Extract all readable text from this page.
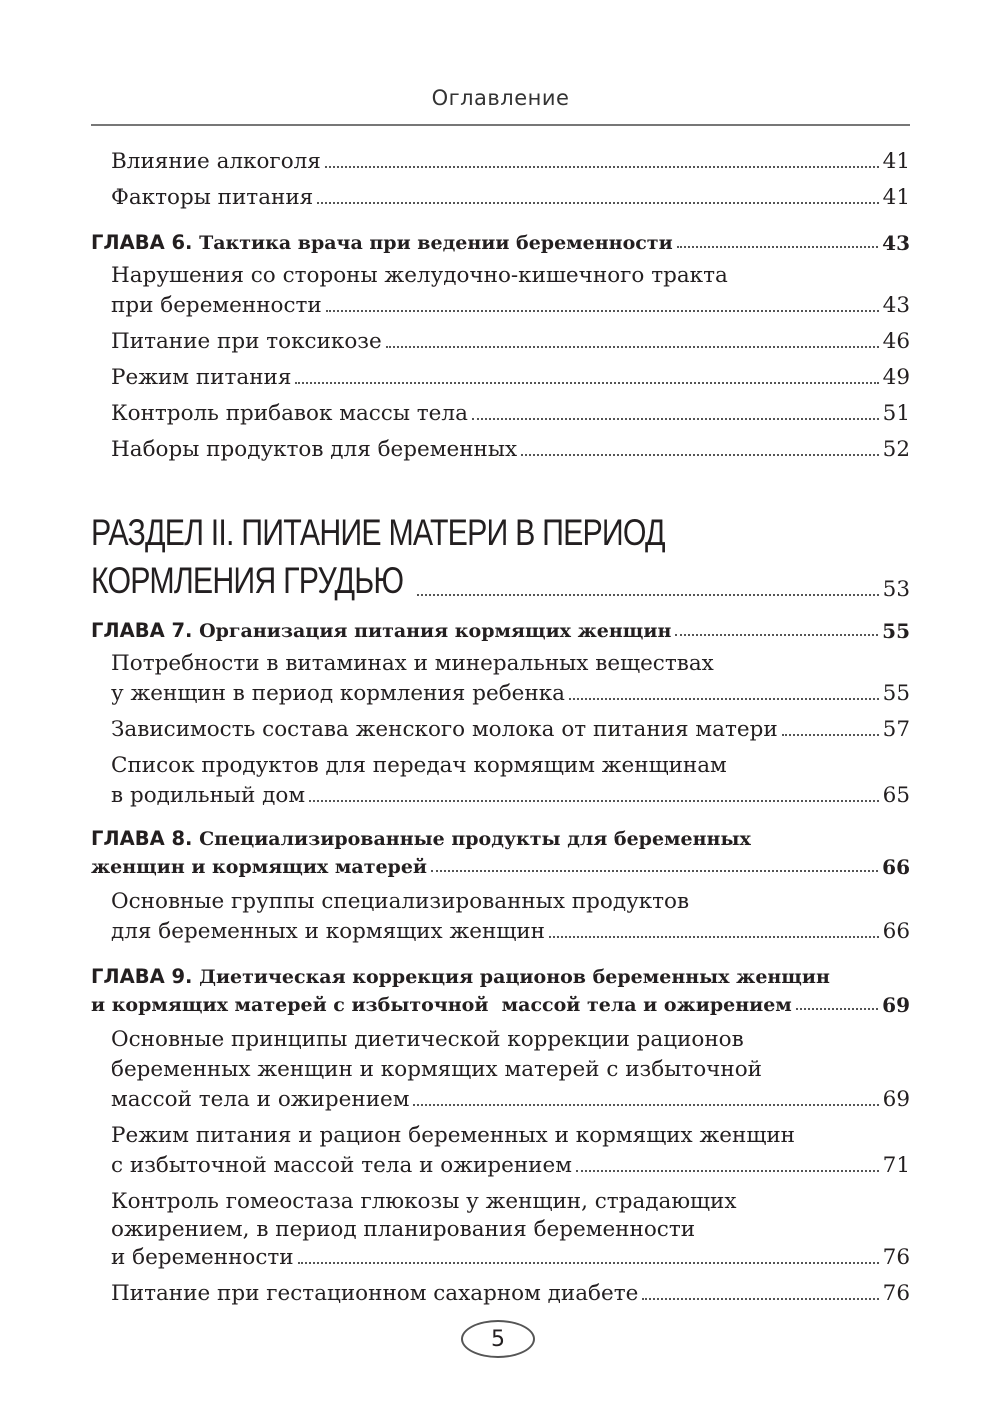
Оглавление
Влияние алкоголя	41
Факторы питания	41
ГЛАВА 6. Тактика врача при ведении беременности	43
Нарушения со стороны желудочно-кишечного тракта
при беременности	43
Питание при токсикозе	46
Режим питания	49
Контроль прибавок массы тела	51
Наборы продуктов для беременных	52
РАЗДЕЛ II. ПИТАНИЕ МАТЕРИ В ПЕРИОД
КОРМЛЕНИЯ ГРУДЬЮ	53
ГЛАВА 7. Организация питания кормящих женщин	55
Потребности в витаминах и минеральных веществах
у женщин в период кормления ребенка	55
Зависимость состава женского молока от питания матери	57
Список продуктов для передач кормящим женщинам
в родильный дом	65
ГЛАВА 8. Специализированные продукты для беременных
женщин и кормящих матерей	66
Основные группы специализированных продуктов
для беременных и кормящих женщин	66
ГЛАВА 9. Диетическая коррекция рационов беременных женщин
и кормящих матерей с избыточной  массой тела и ожирением	69
Основные принципы диетической коррекции рационов
беременных женщин и кормящих матерей с избыточной
массой тела и ожирением	69
Режим питания и рацион беременных и кормящих женщин
с избыточной массой тела и ожирением	71
Контроль гомеостаза глюкозы у женщин, страдающих
ожирением, в период планирования беременности
и беременности	76
Питание при гестационном сахарном диабете	76
5
